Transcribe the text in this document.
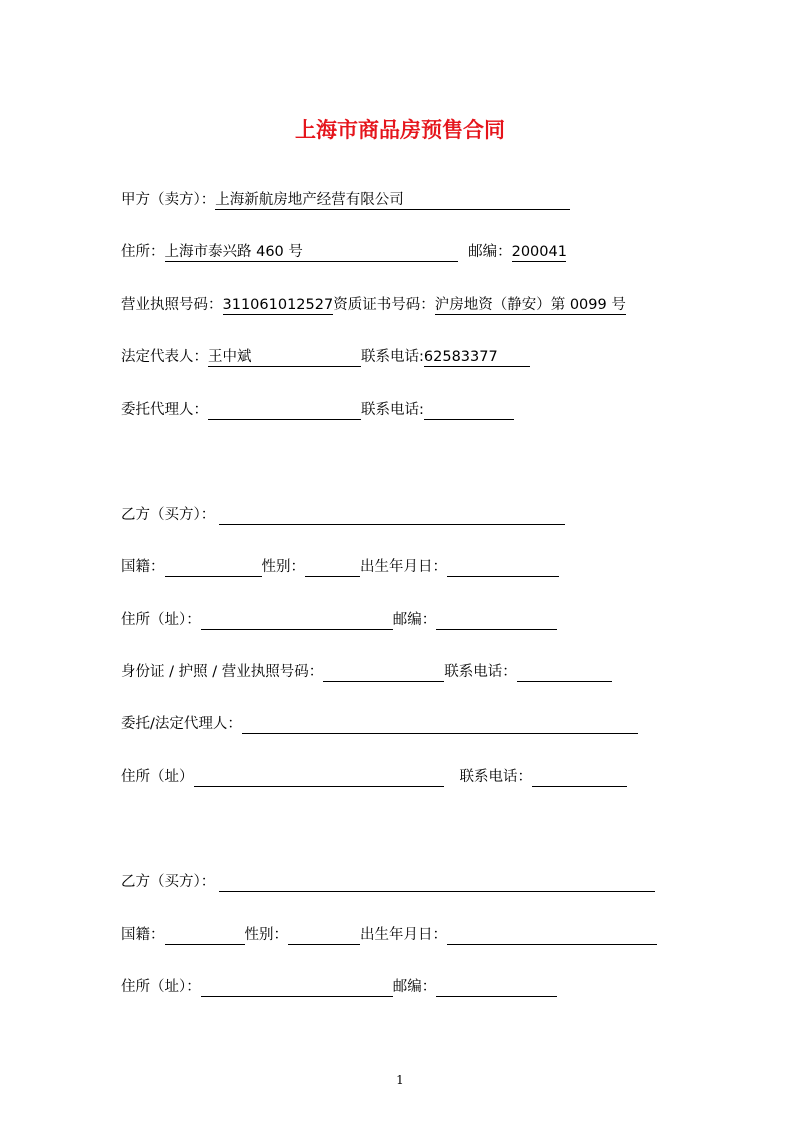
上海市商品房预售合同
甲方（卖方）：上海新航房地产经营有限公司
住所：上海市泰兴路 460 号	邮编：200041
营业执照号码：311061012527资质证书号码：沪房地资（静安）第 0099 号
法定代表人：王中斌	联系电话:62583377
委托代理人：	联系电话:
乙方（买方）：
国籍：	性别：	出生年月日：
住所（址）：	邮编：
身份证 / 护照 / 营业执照号码：	联系电话：
委托/法定代理人：
住所（址）	联系电话：
乙方（买方）：
国籍：	性别：	出生年月日：
住所（址）：	邮编：
1
